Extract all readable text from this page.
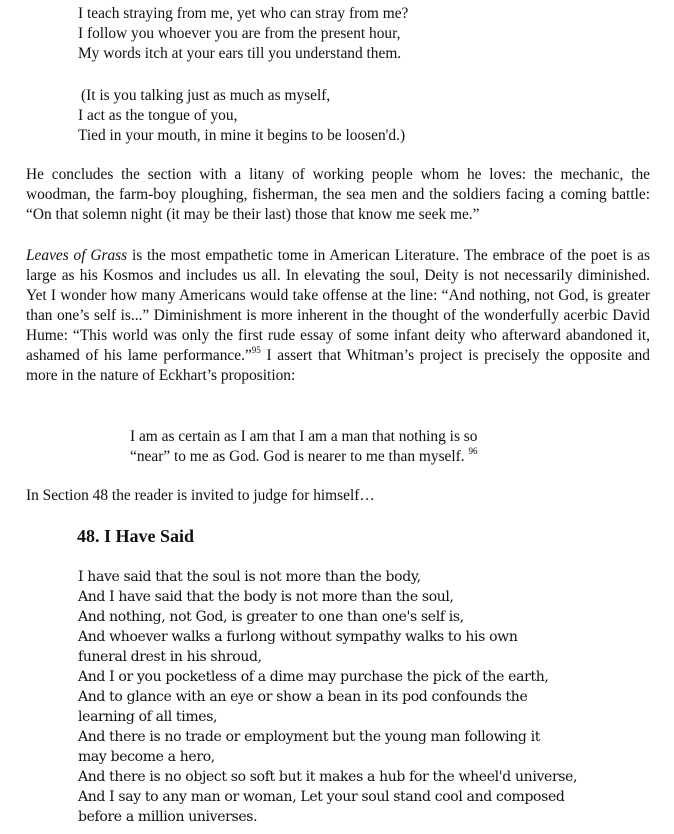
I teach straying from me, yet who can stray from me?
I follow you whoever you are from the present hour,
My words itch at your ears till you understand them.
(It is you talking just as much as myself,
I act as the tongue of you,
Tied in your mouth, in mine it begins to be loosen'd.)

He concludes the section with a litany of working people whom he loves: the mechanic, the woodman, the farm-boy ploughing, fisherman, the sea men and the soldiers facing a coming battle: “On that solemn night (it may be their last) those that know me seek me.”

Leaves of Grass is the most empathetic tome in American Literature. The embrace of the poet is as large as his Kosmos and includes us all. In elevating the soul, Deity is not necessarily diminished. Yet I wonder how many Americans would take offense at the line: “And nothing, not God, is greater than one’s self is...” Diminishment is more inherent in the thought of the wonderfully acerbic David Hume: “This world was only the first rude essay of some infant deity who afterward abandoned it, ashamed of his lame performance.”$^{95}$ I assert that Whitman’s project is precisely the opposite and more in the nature of Eckhart’s proposition:

I am as certain as I am that I am a man that nothing is so
“near” to me as God. God is nearer to me than myself. $^{96}$
In Section 48 the reader is invited to judge for himself…
48. I Have Said
I have said that the soul is not more than the body,
And I have said that the body is not more than the soul,
And nothing, not God, is greater to one than one's self is,
And whoever walks a furlong without sympathy walks to his own
funeral drest in his shroud,
And I or you pocketless of a dime may purchase the pick of the earth,
And to glance with an eye or show a bean in its pod confounds the
learning of all times,
And there is no trade or employment but the young man following it
may become a hero,
And there is no object so soft but it makes a hub for the wheel'd universe,
And I say to any man or woman, Let your soul stand cool and composed
before a million universes.
